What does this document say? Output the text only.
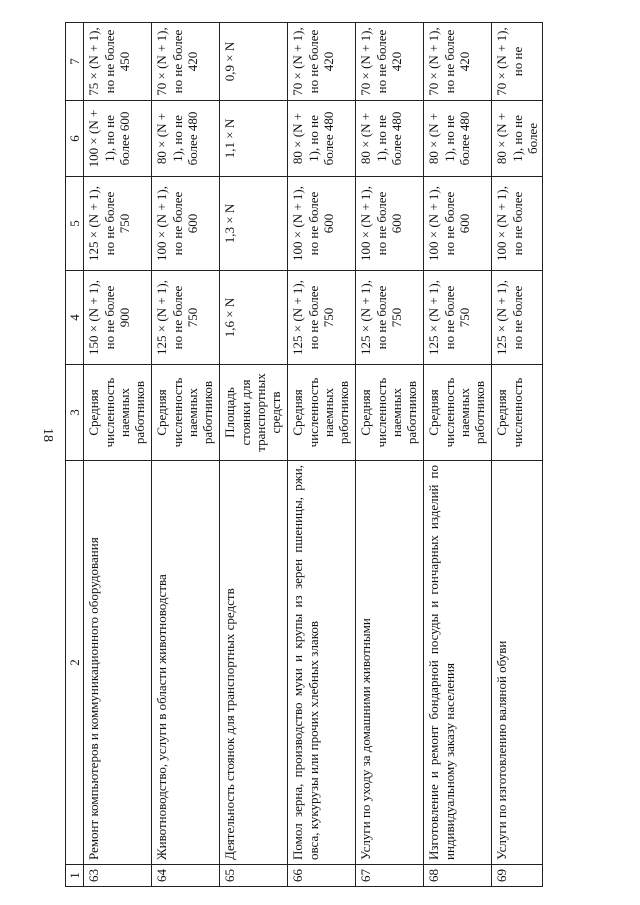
18
1	2	3	4	5	6	7
63	Ремонт компьютеров и коммуникационного оборудования	Средняя численность наемных работников	150 × (N + 1), но не более 900	125 × (N + 1), но не более 750	100 × (N + 1), но не более 600	75 × (N + 1), но не более 450
64	Животноводство, услуги в области животноводства	Средняя численность наемных работников	125 × (N + 1), но не более 750	100 × (N + 1), но не более 600	80 × (N + 1), но не более 480	70 × (N + 1), но не более 420
65	Деятельность стоянок для транспортных средств	Площадь стоянки для транспортных средств	1,6 × N	1,3 × N	1,1 × N	0,9 × N
66	Помол зерна, производство муки и крупы из зерен пшеницы, ржи, овса, кукурузы или прочих хлебных злаков	Средняя численность наемных работников	125 × (N + 1), но не более 750	100 × (N + 1), но не более 600	80 × (N + 1), но не более 480	70 × (N + 1), но не более 420
67	Услуги по уходу за домашними животными	Средняя численность наемных работников	125 × (N + 1), но не более 750	100 × (N + 1), но не более 600	80 × (N + 1), но не более 480	70 × (N + 1), но не более 420
68	Изготовление и ремонт бондарной посуды и гончарных изделий по индивидуальному заказу населения	Средняя численность наемных работников	125 × (N + 1), но не более 750	100 × (N + 1), но не более 600	80 × (N + 1), но не более 480	70 × (N + 1), но не более 420
69	Услуги по изготовлению валяной обуви	Средняя численность	125 × (N + 1), но не более	100 × (N + 1), но не более	80 × (N + 1), но не более	70 × (N + 1), но не
